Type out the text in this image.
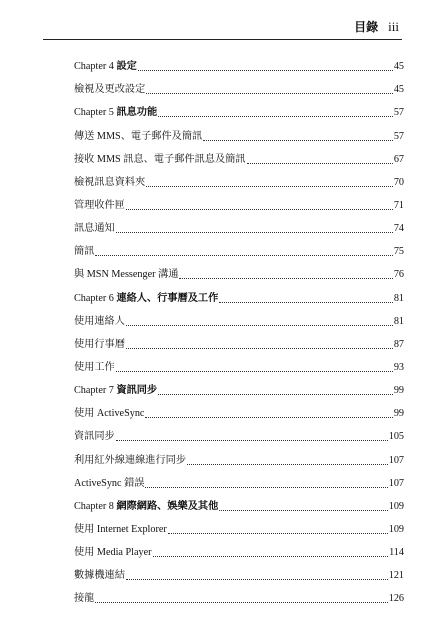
目錄 iii
Chapter 4 設定	45
檢視及更改設定	45
Chapter 5 訊息功能	57
傳送 MMS、電子郵件及簡訊	57
接收 MMS 訊息、電子郵件訊息及簡訊	67
檢視訊息資料夾	70
管理收件匣	71
訊息通知	74
簡訊	75
與 MSN Messenger 溝通	76
Chapter 6 連絡人、行事曆及工作	81
使用連絡人	81
使用行事曆	87
使用工作	93
Chapter 7 資訊同步	99
使用 ActiveSync	99
資訊同步	105
利用紅外線連線進行同步	107
ActiveSync 錯誤	107
Chapter 8 網際網路、娛樂及其他	109
使用 Internet Explorer	109
使用 Media Player	114
數據機連結	121
接龍	126
